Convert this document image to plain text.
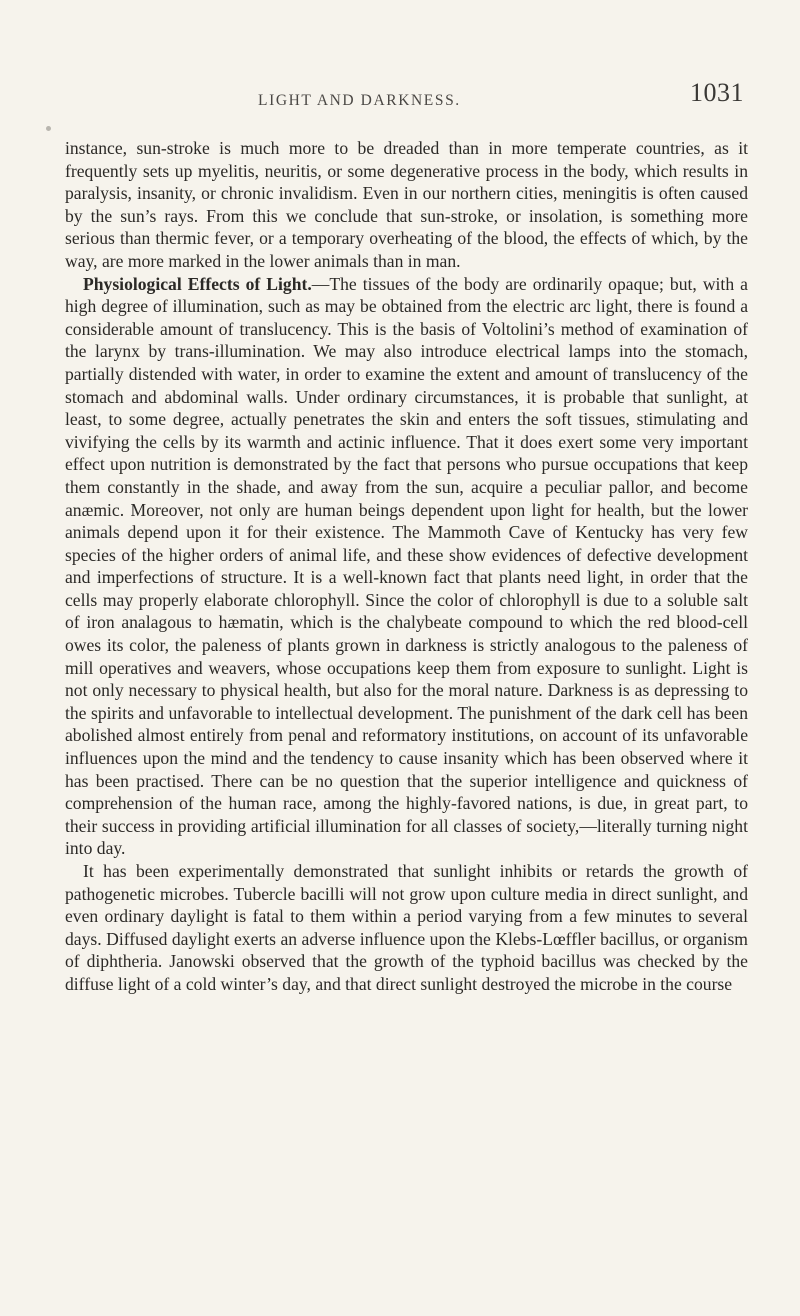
LIGHT AND DARKNESS.	1031

instance, sun-stroke is much more to be dreaded than in more temperate countries, as it frequently sets up myelitis, neuritis, or some degenerative process in the body, which results in paralysis, insanity, or chronic invalidism. Even in our northern cities, meningitis is often caused by the sun’s rays. From this we conclude that sun-stroke, or insolation, is something more serious than thermic fever, or a temporary overheating of the blood, the effects of which, by the way, are more marked in the lower animals than in man.

Physiological Effects of Light.—The tissues of the body are ordinarily opaque; but, with a high degree of illumination, such as may be obtained from the electric arc light, there is found a considerable amount of translucency. This is the basis of Voltolini’s method of examination of the larynx by trans-illumination. We may also introduce electrical lamps into the stomach, partially distended with water, in order to examine the extent and amount of translucency of the stomach and abdominal walls. Under ordinary circumstances, it is probable that sunlight, at least, to some degree, actually penetrates the skin and enters the soft tissues, stimulating and vivifying the cells by its warmth and actinic influence. That it does exert some very important effect upon nutrition is demonstrated by the fact that persons who pursue occupations that keep them constantly in the shade, and away from the sun, acquire a peculiar pallor, and become anæmic. Moreover, not only are human beings dependent upon light for health, but the lower animals depend upon it for their existence. The Mammoth Cave of Kentucky has very few species of the higher orders of animal life, and these show evidences of defective development and imperfections of structure. It is a well-known fact that plants need light, in order that the cells may properly elaborate chlorophyll. Since the color of chlorophyll is due to a soluble salt of iron analagous to hæmatin, which is the chalybeate compound to which the red blood-cell owes its color, the paleness of plants grown in darkness is strictly analogous to the paleness of mill operatives and weavers, whose occupations keep them from exposure to sunlight. Light is not only necessary to physical health, but also for the moral nature. Darkness is as depressing to the spirits and unfavorable to intellectual development. The punishment of the dark cell has been abolished almost entirely from penal and reformatory institutions, on account of its unfavorable influences upon the mind and the tendency to cause insanity which has been observed where it has been practised. There can be no question that the superior intelligence and quickness of comprehension of the human race, among the highly-favored nations, is due, in great part, to their success in providing artificial illumination for all classes of society,—literally turning night into day.

It has been experimentally demonstrated that sunlight inhibits or retards the growth of pathogenetic microbes. Tubercle bacilli will not grow upon culture media in direct sunlight, and even ordinary daylight is fatal to them within a period varying from a few minutes to several days. Diffused daylight exerts an adverse influence upon the Klebs-Lœffler bacillus, or organism of diphtheria. Janowski observed that the growth of the typhoid bacillus was checked by the diffuse light of a cold winter’s day, and that direct sunlight destroyed the microbe in the course
